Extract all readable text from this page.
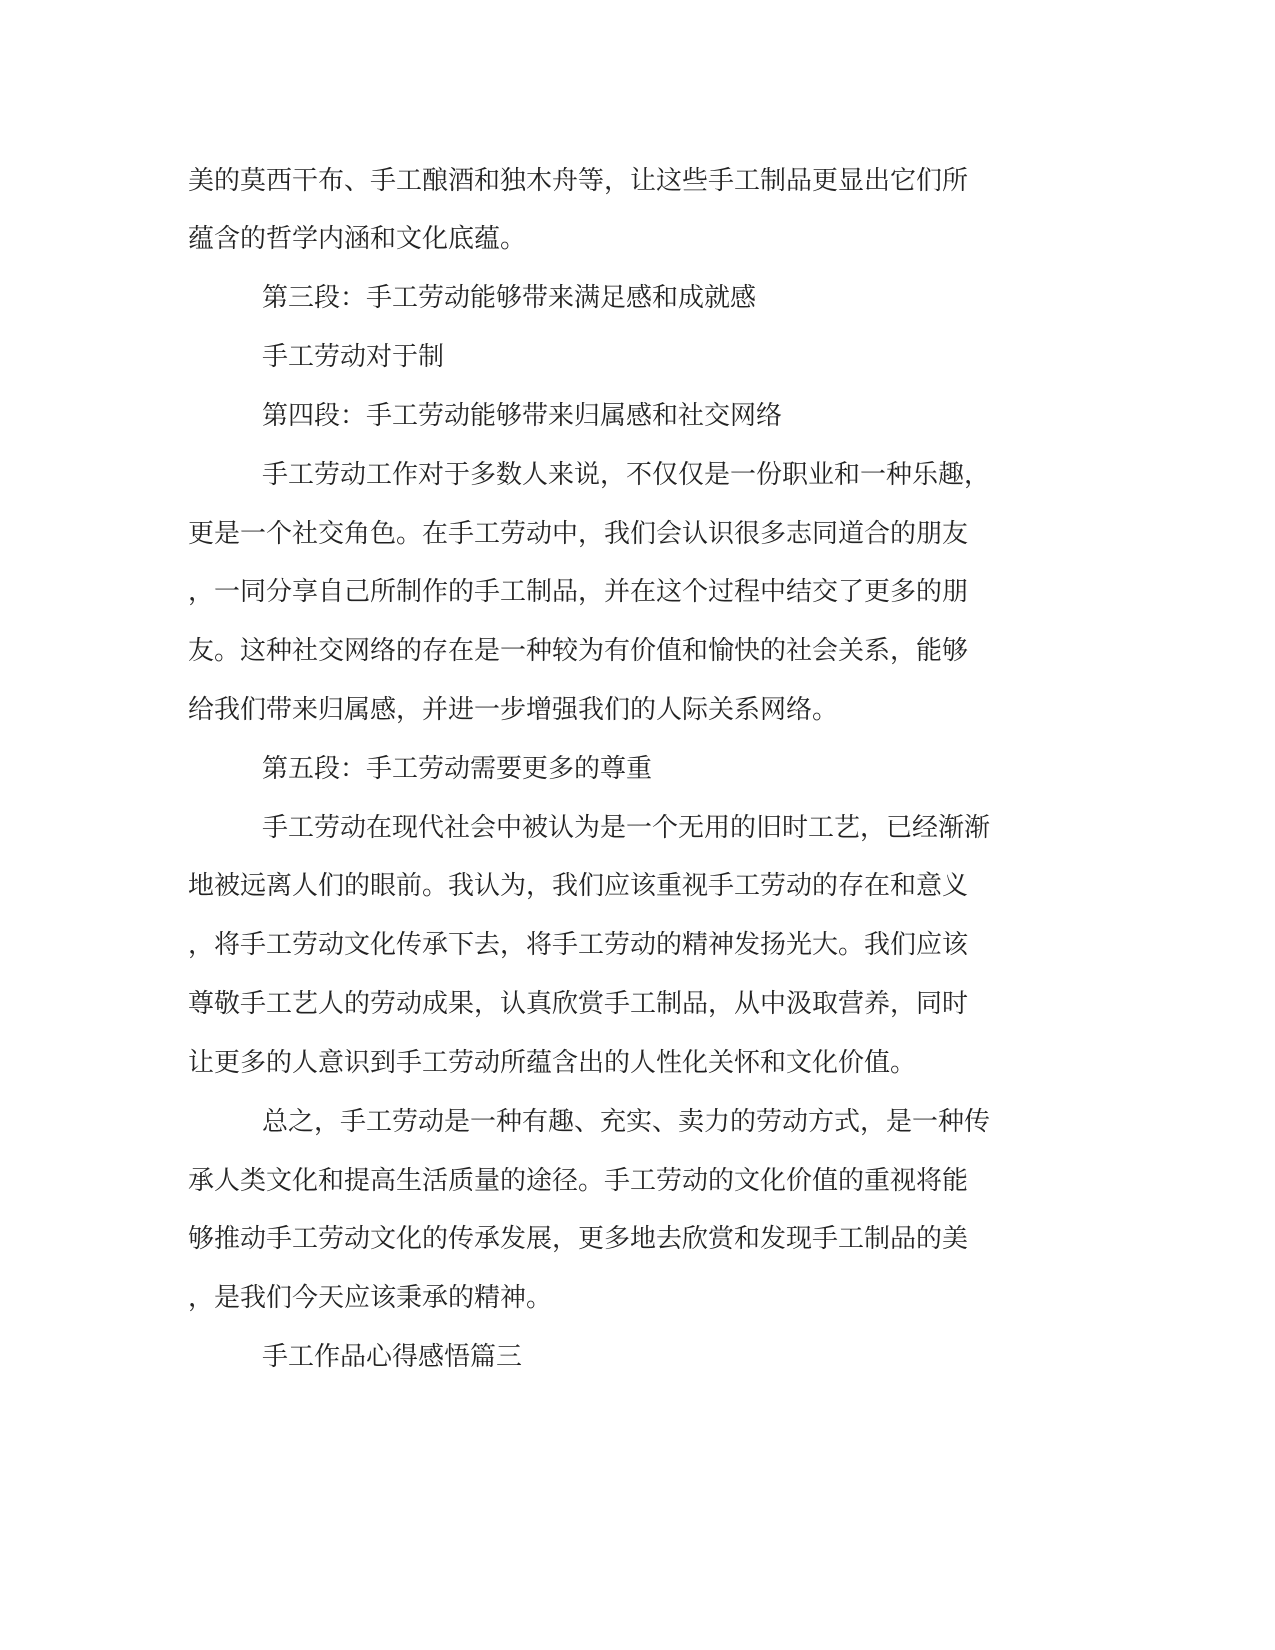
美的莫西干布、手工酿酒和独木舟等，让这些手工制品更显出它们所
蕴含的哲学内涵和文化底蕴。
第三段：手工劳动能够带来满足感和成就感
手工劳动对于制
第四段：手工劳动能够带来归属感和社交网络
手工劳动工作对于多数人来说，不仅仅是一份职业和一种乐趣，
更是一个社交角色。在手工劳动中，我们会认识很多志同道合的朋友
，一同分享自己所制作的手工制品，并在这个过程中结交了更多的朋
友。这种社交网络的存在是一种较为有价值和愉快的社会关系，能够
给我们带来归属感，并进一步增强我们的人际关系网络。
第五段：手工劳动需要更多的尊重
手工劳动在现代社会中被认为是一个无用的旧时工艺，已经渐渐
地被远离人们的眼前。我认为，我们应该重视手工劳动的存在和意义
，将手工劳动文化传承下去，将手工劳动的精神发扬光大。我们应该
尊敬手工艺人的劳动成果，认真欣赏手工制品，从中汲取营养，同时
让更多的人意识到手工劳动所蕴含出的人性化关怀和文化价值。
总之，手工劳动是一种有趣、充实、卖力的劳动方式，是一种传
承人类文化和提高生活质量的途径。手工劳动的文化价值的重视将能
够推动手工劳动文化的传承发展，更多地去欣赏和发现手工制品的美
，是我们今天应该秉承的精神。
手工作品心得感悟篇三
